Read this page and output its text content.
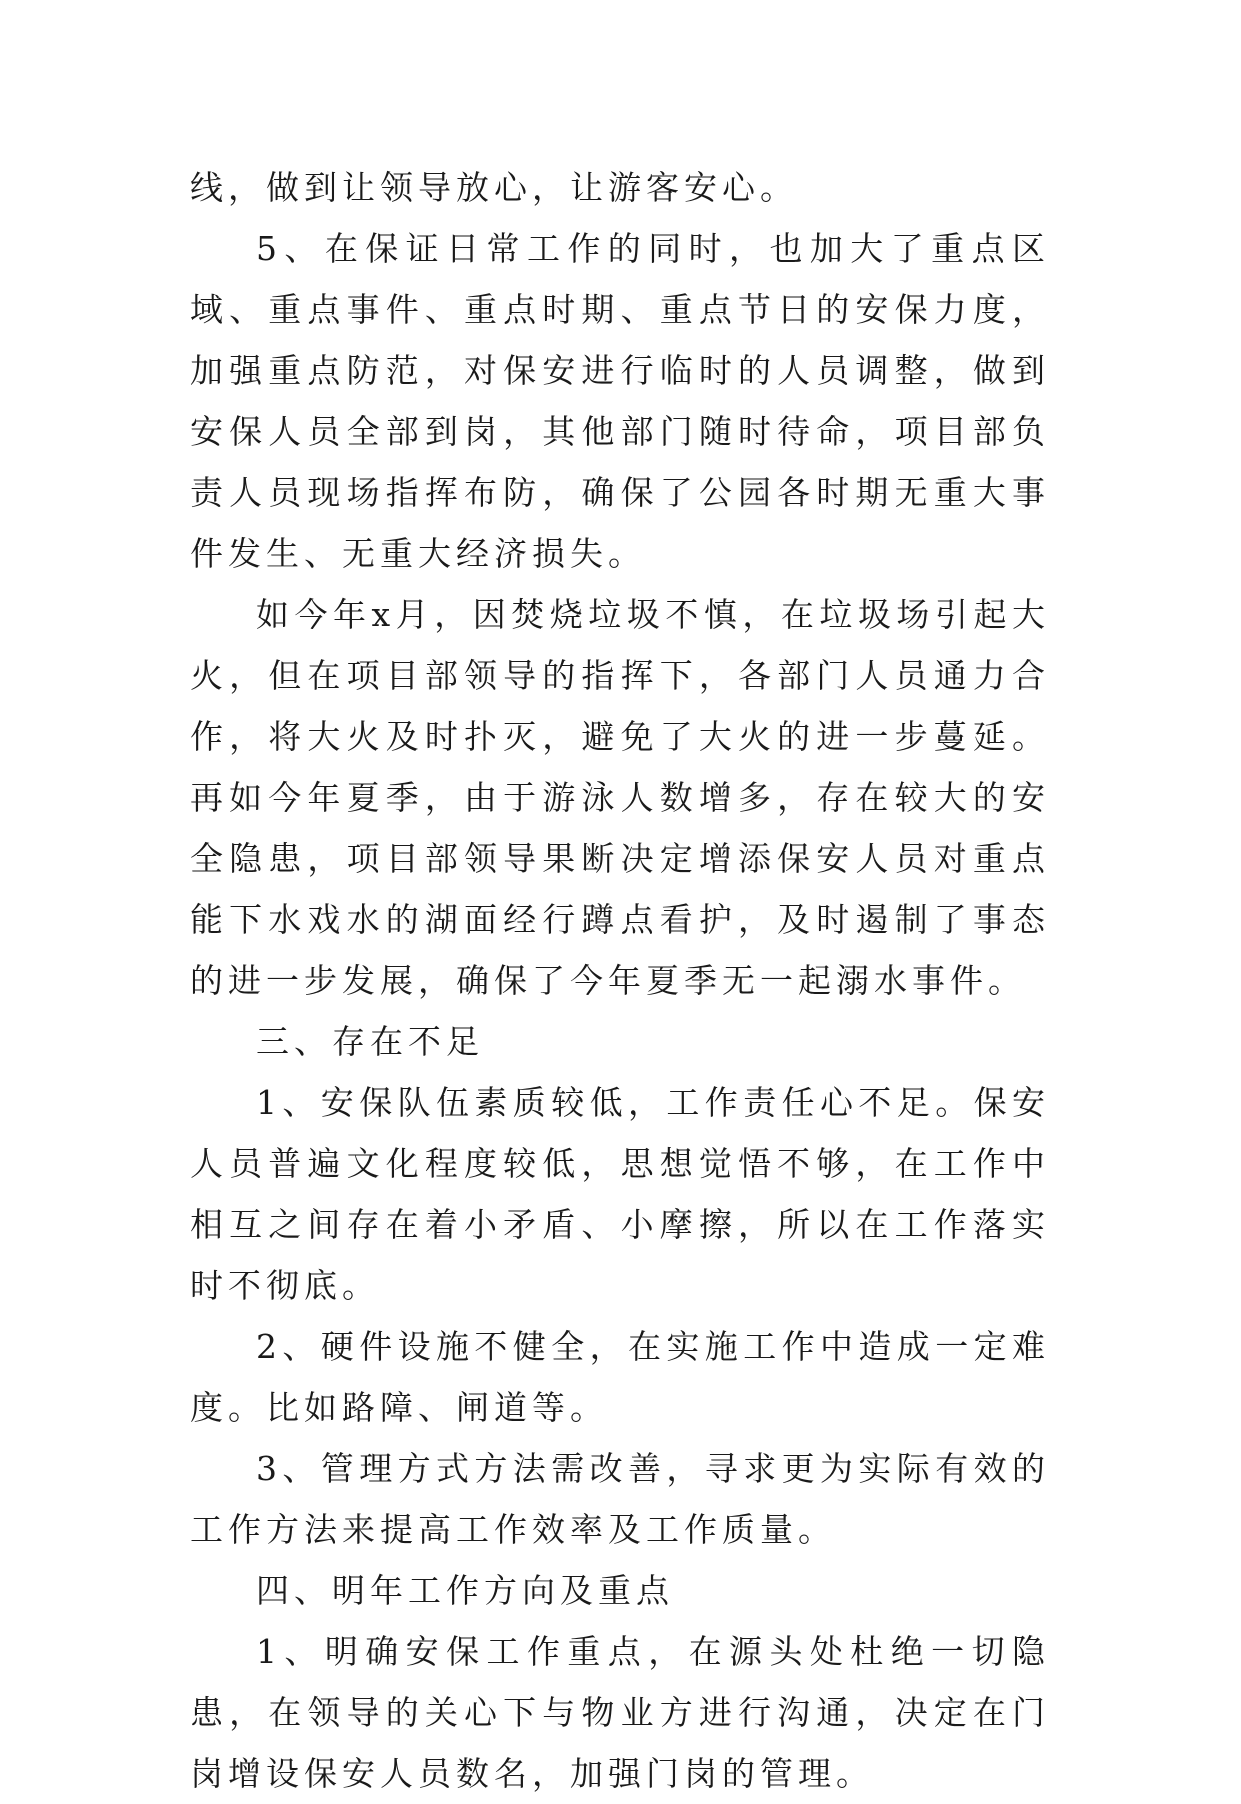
线，做到让领导放心，让游客安心。

5、在保证日常工作的同时，也加大了重点区域、重点事件、重点时期、重点节日的安保力度，加强重点防范，对保安进行临时的人员调整，做到安保人员全部到岗，其他部门随时待命，项目部负责人员现场指挥布防，确保了公园各时期无重大事件发生、无重大经济损失。

如今年x月，因焚烧垃圾不慎，在垃圾场引起大火，但在项目部领导的指挥下，各部门人员通力合作，将大火及时扑灭，避免了大火的进一步蔓延。再如今年夏季，由于游泳人数增多，存在较大的安全隐患，项目部领导果断决定增添保安人员对重点能下水戏水的湖面经行蹲点看护，及时遏制了事态的进一步发展，确保了今年夏季无一起溺水事件。

三、存在不足

1、安保队伍素质较低，工作责任心不足。保安人员普遍文化程度较低，思想觉悟不够，在工作中相互之间存在着小矛盾、小摩擦，所以在工作落实时不彻底。

2、硬件设施不健全，在实施工作中造成一定难度。比如路障、闸道等。

3、管理方式方法需改善，寻求更为实际有效的工作方法来提高工作效率及工作质量。

四、明年工作方向及重点

1、明确安保工作重点，在源头处杜绝一切隐患，在领导的关心下与物业方进行沟通，决定在门岗增设保安人员数名，加强门岗的管理。
